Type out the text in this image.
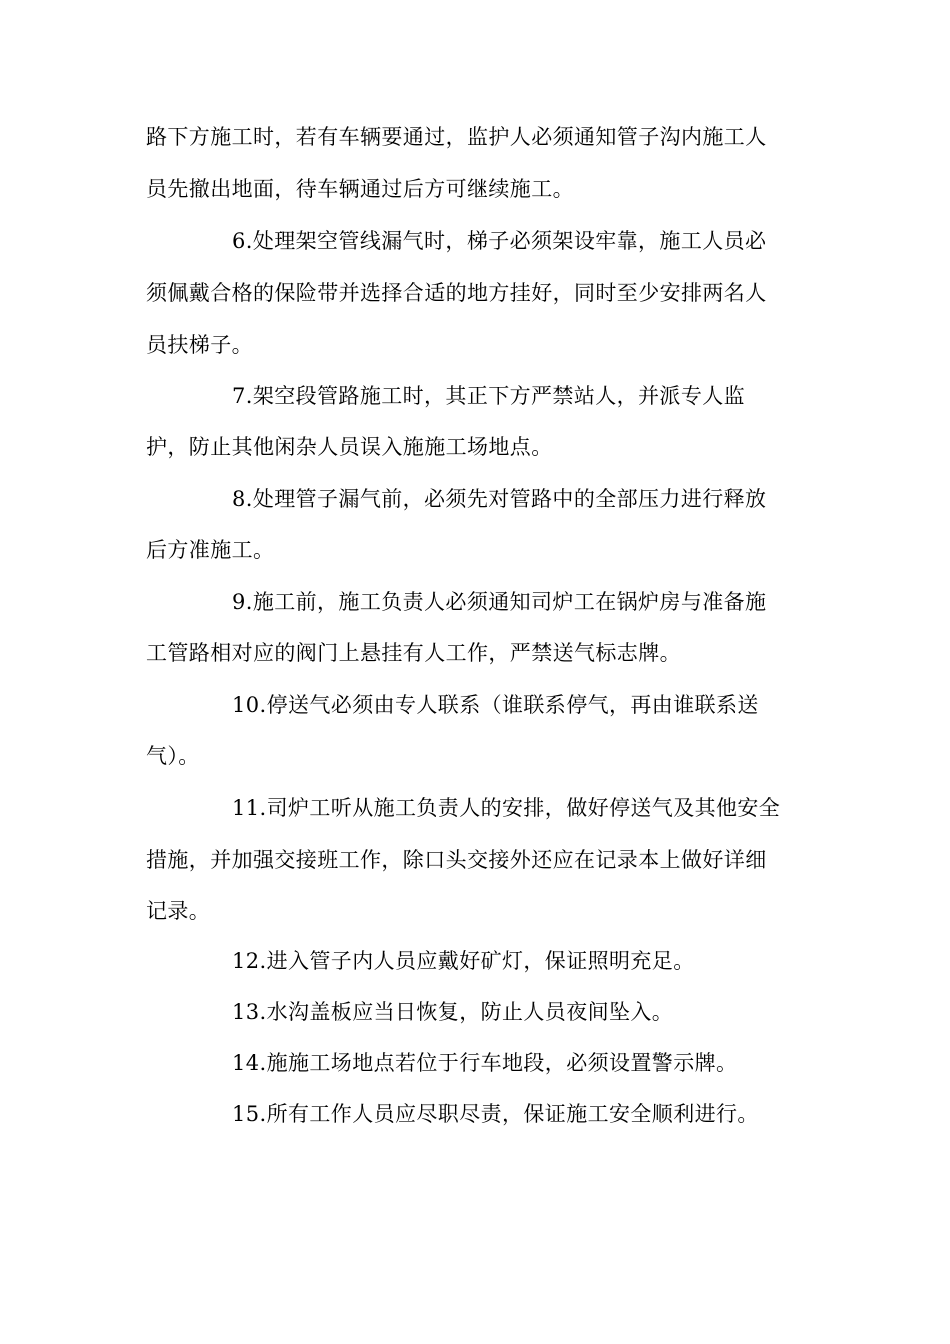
路下方施工时，若有车辆要通过，监护人必须通知管子沟内施工人
员先撤出地面，待车辆通过后方可继续施工。
6.处理架空管线漏气时，梯子必须架设牢靠，施工人员必
须佩戴合格的保险带并选择合适的地方挂好，同时至少安排两名人
员扶梯子。
7.架空段管路施工时，其正下方严禁站人，并派专人监
护，防止其他闲杂人员误入施施工场地点。
8.处理管子漏气前，必须先对管路中的全部压力进行释放
后方准施工。
9.施工前，施工负责人必须通知司炉工在锅炉房与准备施
工管路相对应的阀门上悬挂有人工作，严禁送气标志牌。
10.停送气必须由专人联系（谁联系停气，再由谁联系送
气）。
11.司炉工听从施工负责人的安排，做好停送气及其他安全
措施，并加强交接班工作，除口头交接外还应在记录本上做好详细
记录。
12.进入管子内人员应戴好矿灯，保证照明充足。
13.水沟盖板应当日恢复，防止人员夜间坠入。
14.施施工场地点若位于行车地段，必须设置警示牌。
15.所有工作人员应尽职尽责，保证施工安全顺利进行。
